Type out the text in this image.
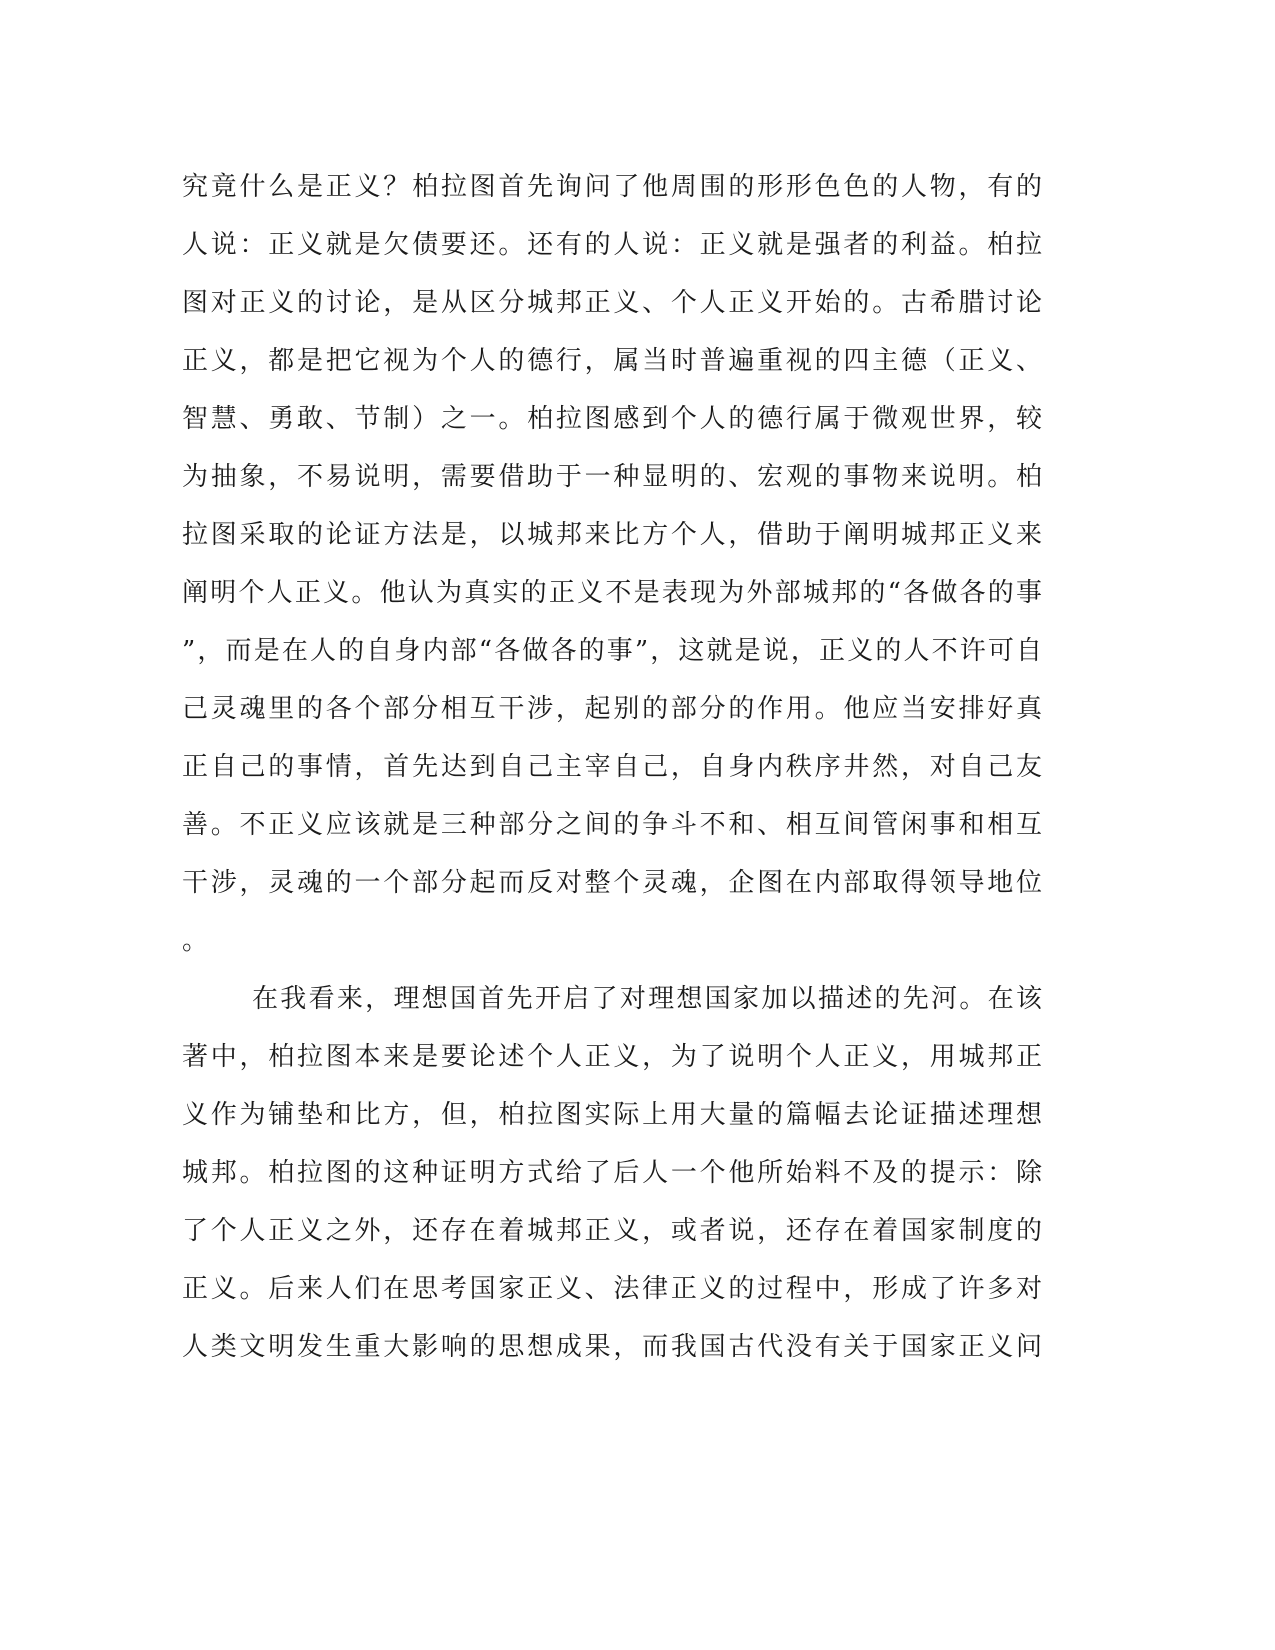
究竟什么是正义？柏拉图首先询问了他周围的形形色色的人物，有的
人说：正义就是欠债要还。还有的人说：正义就是强者的利益。柏拉
图对正义的讨论，是从区分城邦正义、个人正义开始的。古希腊讨论
正义，都是把它视为个人的德行，属当时普遍重视的四主德（正义、
智慧、勇敢、节制）之一。柏拉图感到个人的德行属于微观世界，较
为抽象，不易说明，需要借助于一种显明的、宏观的事物来说明。柏
拉图采取的论证方法是，以城邦来比方个人，借助于阐明城邦正义来
阐明个人正义。他认为真实的正义不是表现为外部城邦的“各做各的事
”，而是在人的自身内部“各做各的事”，这就是说，正义的人不许可自
己灵魂里的各个部分相互干涉，起别的部分的作用。他应当安排好真
正自己的事情，首先达到自己主宰自己，自身内秩序井然，对自己友
善。不正义应该就是三种部分之间的争斗不和、相互间管闲事和相互
干涉，灵魂的一个部分起而反对整个灵魂，企图在内部取得领导地位
。
在我看来，理想国首先开启了对理想国家加以描述的先河。在该
著中，柏拉图本来是要论述个人正义，为了说明个人正义，用城邦正
义作为铺垫和比方，但，柏拉图实际上用大量的篇幅去论证描述理想
城邦。柏拉图的这种证明方式给了后人一个他所始料不及的提示：除
了个人正义之外，还存在着城邦正义，或者说，还存在着国家制度的
正义。后来人们在思考国家正义、法律正义的过程中，形成了许多对
人类文明发生重大影响的思想成果，而我国古代没有关于国家正义问
